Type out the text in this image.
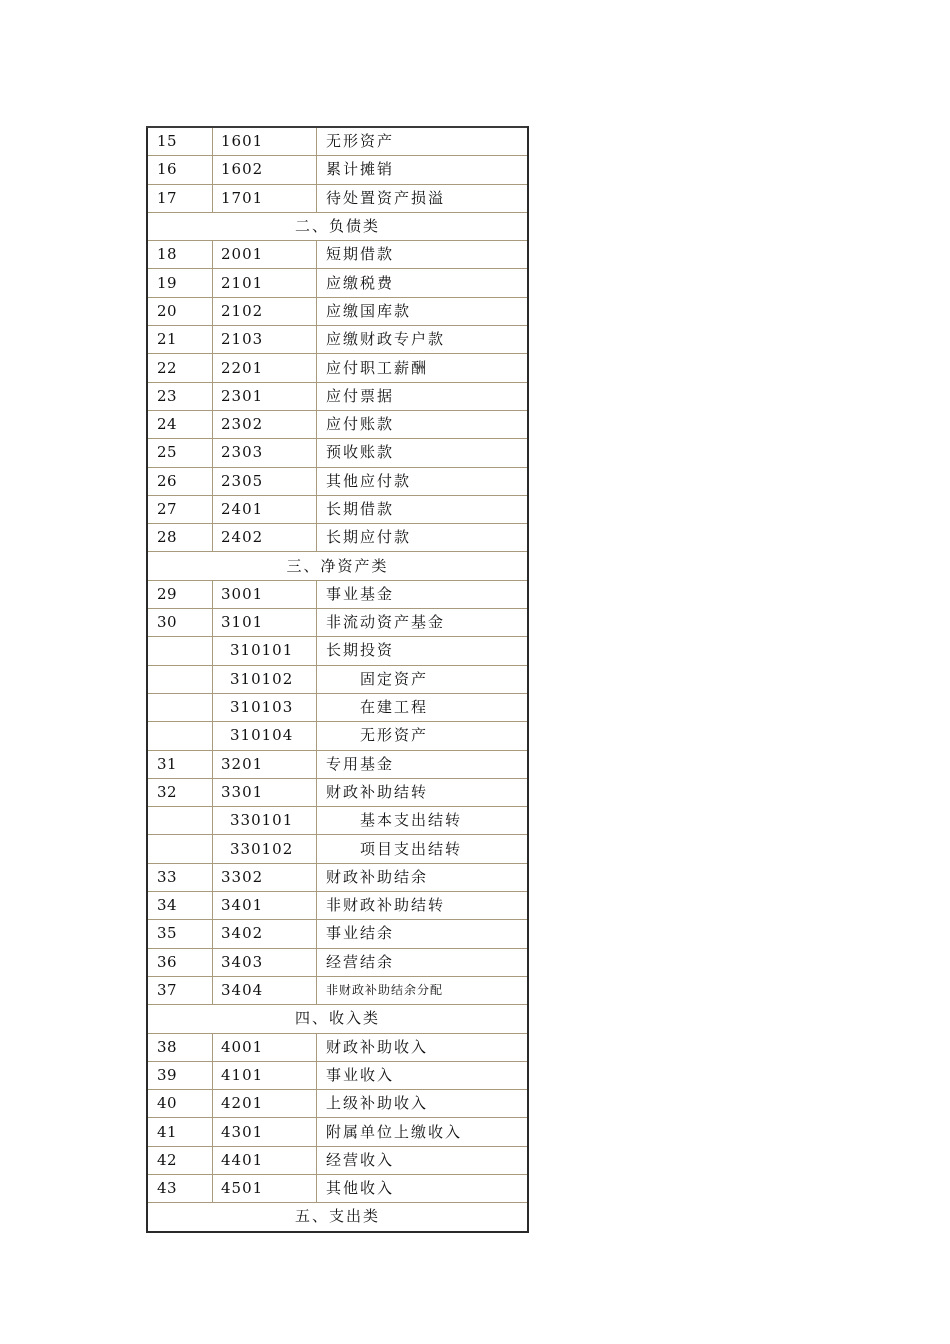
15	1601	无形资产
16	1602	累计摊销
17	1701	待处置资产损溢
二、负债类		
18	2001	短期借款
19	2101	应缴税费
20	2102	应缴国库款
21	2103	应缴财政专户款
22	2201	应付职工薪酬
23	2301	应付票据
24	2302	应付账款
25	2303	预收账款
26	2305	其他应付款
27	2401	长期借款
28	2402	长期应付款
三、净资产类		
29	3001	事业基金
30	3101	非流动资产基金
	310101	长期投资
	310102	固定资产
	310103	在建工程
	310104	无形资产
31	3201	专用基金
32	3301	财政补助结转
	330101	基本支出结转
	330102	项目支出结转
33	3302	财政补助结余
34	3401	非财政补助结转
35	3402	事业结余
36	3403	经营结余
37	3404	非财政补助结余分配
四、收入类		
38	4001	财政补助收入
39	4101	事业收入
40	4201	上级补助收入
41	4301	附属单位上缴收入
42	4401	经营收入
43	4501	其他收入
五、支出类		
